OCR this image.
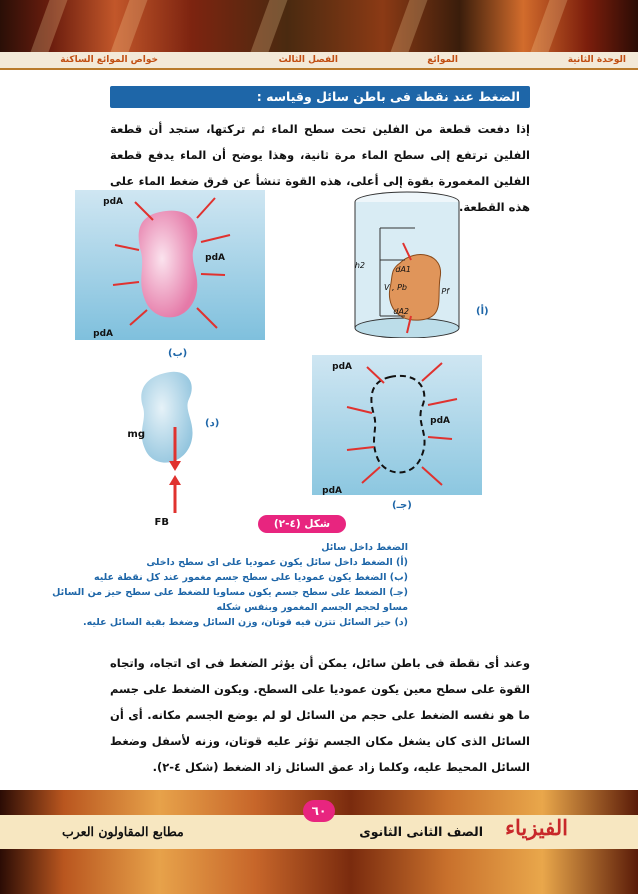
الوحدة الثانية
الموائع
الفصل الثالث
خواص الموائع الساكنة
الضغط عند نقطة فى باطن سائل وقياسه :
إذا دفعت قطعة من الفلين تحت سطح الماء ثم تركتها، ستجد أن قطعة الفلين ترتفع إلى سطح الماء مرة ثانية، وهذا يوضح أن الماء يدفع قطعة الفلين المغمورة بقوة إلى أعلى، هذه القوة تنشأ عن فرق ضغط الماء على هذه القطعة.
pdA
pdA
pdA
(ب)
h2	dA1
V , Pb	Pf
dA2	(أ)
mg
FB
(د)
pdA
pdA
pdA
(جـ)
شكل (٤-٢)
الضغط داخل سائل
(أ) الضغط داخل سائل يكون عموديا على اى سطح داخلى
(ب) الضغط يكون عموديا على سطح جسم مغمور عند كل نقطة عليه
(جـ) الضغط على سطح جسم يكون مساويا للضغط على سطح حيز من السائل
مساو لحجم الجسم المغمور وبنفس شكله
(د) حيز السائل تتزن فيه قوتان، وزن السائل وضغط بقية السائل عليه.
وعند أى نقطة فى باطن سائل، يمكن أن يؤثر الضغط فى اى اتجاه، واتجاه القوة على سطح معين يكون عموديا على السطح. ويكون الضغط على جسم ما هو نفسه الضغط على حجم من السائل لو لم يوضع الجسم مكانه. أى أن السائل الذى كان يشغل مكان الجسم تؤثر عليه قوتان، وزنه لأسفل وضغط السائل المحيط عليه، وكلما زاد عمق السائل زاد الضغط (شكل ٤-٢).
٦٠
مطابع المقاولون العرب	الفيزياء
الصف الثانى الثانوى
